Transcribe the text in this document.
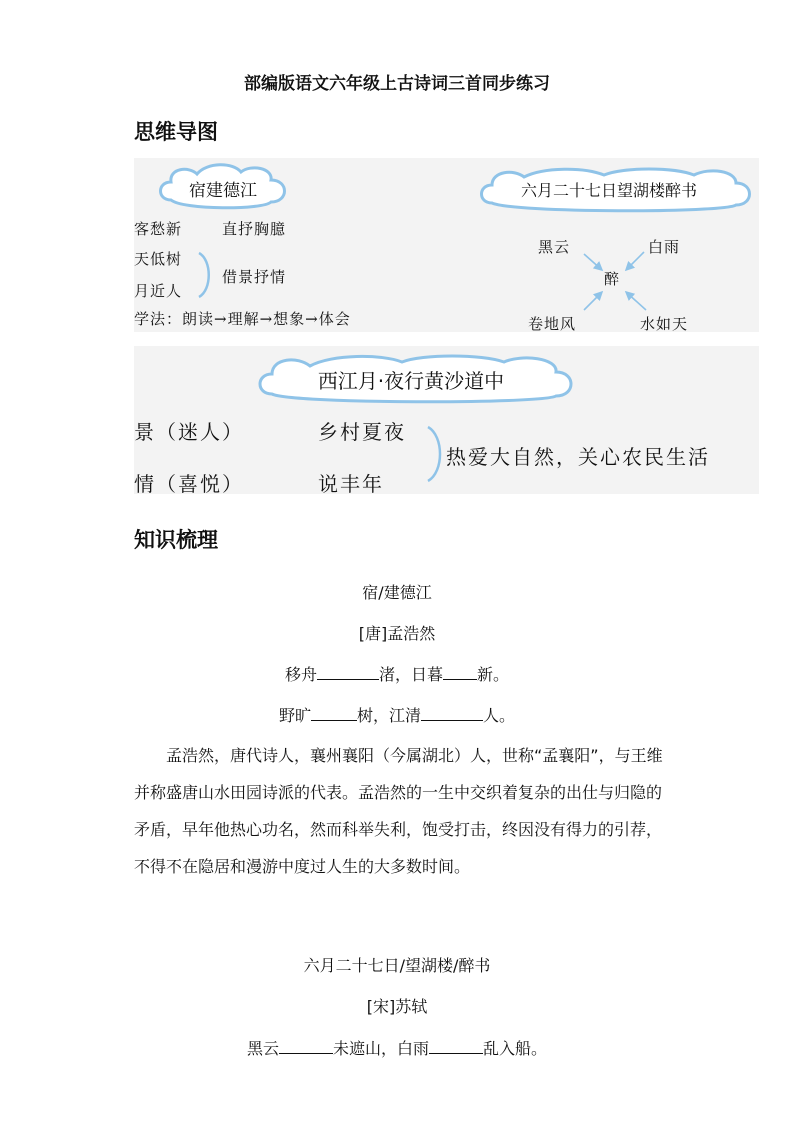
部编版语文六年级上古诗词三首同步练习
思维导图
宿建德江
客愁新	直抒胸臆
天低树
月近人
借景抒情
学法：朗读→理解→想象→体会
六月二十七日望湖楼醉书
黑云	白雨
醉
卷地风	水如天
西江月·夜行黄沙道中
景（迷人）	乡村夏夜
情（喜悦）	说丰年
热爱大自然，关心农民生活
知识梳理
宿/建德江
[唐]孟浩然
移舟	渚，日暮 新。
野旷	树，江清	人。
孟浩然，唐代诗人，襄州襄阳（今属湖北）人，世称“孟襄阳”，与王维并称盛唐山水田园诗派的代表。孟浩然的一生中交织着复杂的出仕与归隐的矛盾，早年他热心功名，然而科举失利，饱受打击，终因没有得力的引荐，不得不在隐居和漫游中度过人生的大多数时间。
六月二十七日/望湖楼/醉书
[宋]苏轼
黑云	未遮山，白雨	乱入船。
